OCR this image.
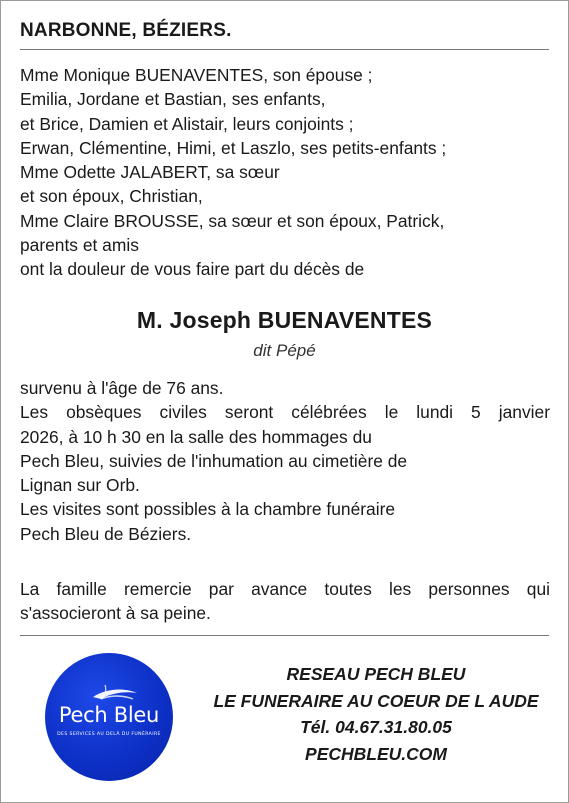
NARBONNE, BÉZIERS.
Mme Monique BUENAVENTES, son épouse ;
Emilia, Jordane et Bastian, ses enfants,
et Brice, Damien et Alistair, leurs conjoints ;
Erwan, Clémentine, Himi, et Laszlo, ses petits-enfants ;
Mme Odette JALABERT, sa sœur
et son époux, Christian,
Mme Claire BROUSSE, sa sœur et son époux, Patrick,
parents et amis
ont la douleur de vous faire part du décès de
M. Joseph BUENAVENTES
dit Pépé
survenu à l'âge de 76 ans.
Les obsèques civiles seront célébrées le lundi 5 janvier
2026, à 10 h 30 en la salle des hommages du
Pech Bleu, suivies de l'inhumation au cimetière de
Lignan sur Orb.
Les visites sont possibles à la chambre funéraire
Pech Bleu de Béziers.
La famille remercie par avance toutes les personnes qui
s'associeront à sa peine.
Pech Bleu
DES SERVICES AU DELÀ DU FUNÉRAIRE
RESEAU PECH BLEU
LE FUNERAIRE AU COEUR DE L AUDE
Tél. 04.67.31.80.05
PECHBLEU.COM
